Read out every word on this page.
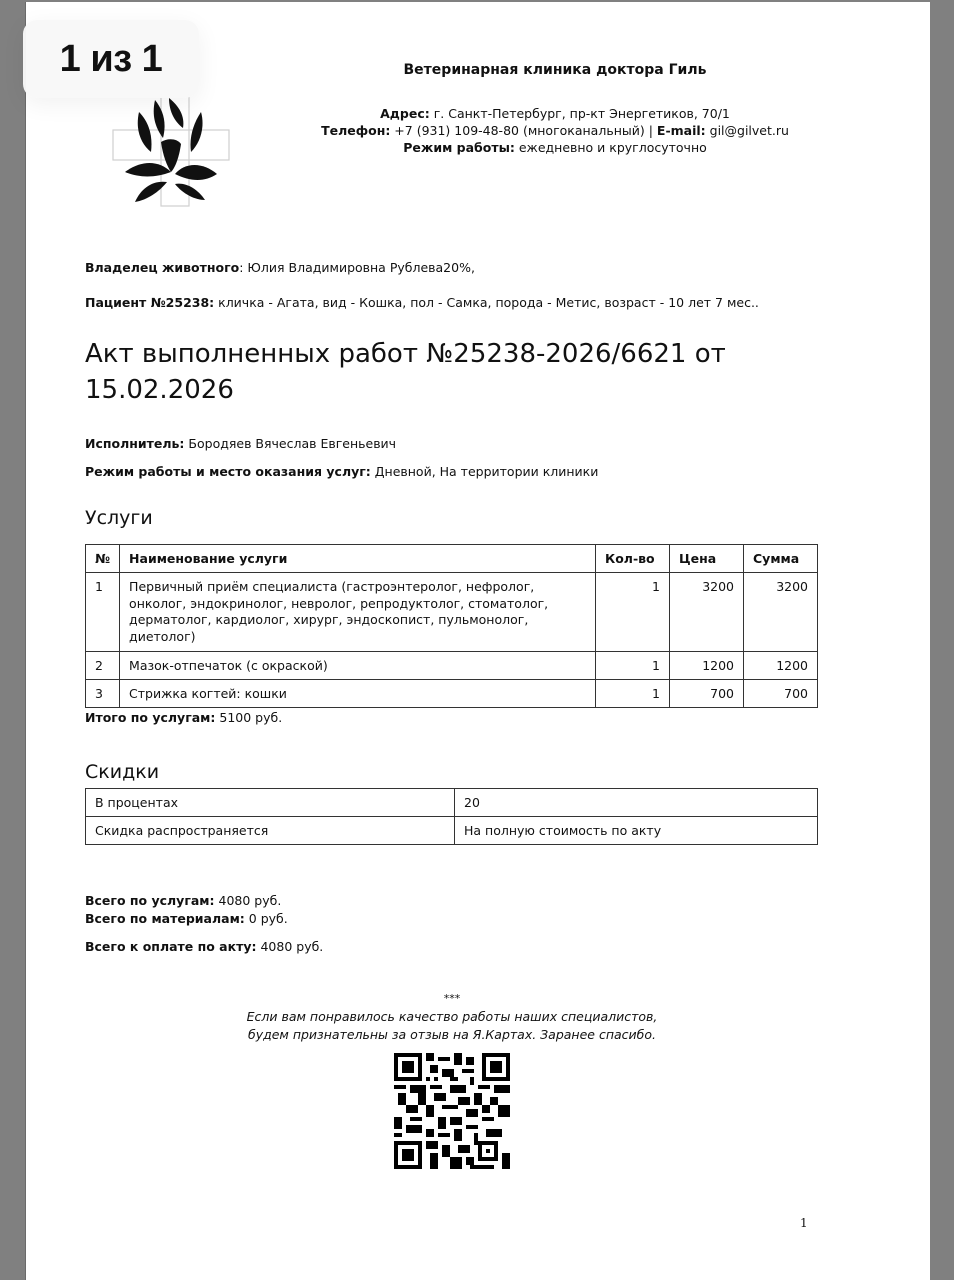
1 из 1	Ветеринарная клиника доктора Гиль
Адрес: г. Санкт-Петербург, пр-кт Энергетиков, 70/1
Телефон: +7 (931) 109-48-80 (многоканальный) | E-mail: gil@gilvet.ru
Режим работы: ежедневно и круглосуточно
Владелец животного: Юлия Владимировна Рублева20%,
Пациент №25238: кличка - Агата, вид - Кошка, пол - Самка, порода - Метис, возраст - 10 лет 7 мес..
Акт выполненных работ №25238-2026/6621 от 15.02.2026
Исполнитель: Бородяев Вячеслав Евгеньевич
Режим работы и место оказания услуг: Дневной, На территории клиники
Услуги
№	Наименование услуги	Кол-во	Цена	Сумма
1	Первичный приём специалиста (гастроэнтеролог, нефролог, онколог, эндокринолог, невролог, репродуктолог, стоматолог, дерматолог, кардиолог, хирург, эндоскопист, пульмонолог, диетолог)	1	3200	3200
2	Мазок-отпечаток (с окраской)	1	1200	1200
3	Стрижка когтей: кошки	1	700	700
Итого по услугам: 5100 руб.
Скидки
В процентах	20
Скидка распространяется	На полную стоимость по акту
Всего по услугам: 4080 руб.
Всего по материалам: 0 руб.
Всего к оплате по акту: 4080 руб.
***
Если вам понравилось качество работы наших специалистов,
будем признательны за отзыв на Я.Картах. Заранее спасибо.
1
